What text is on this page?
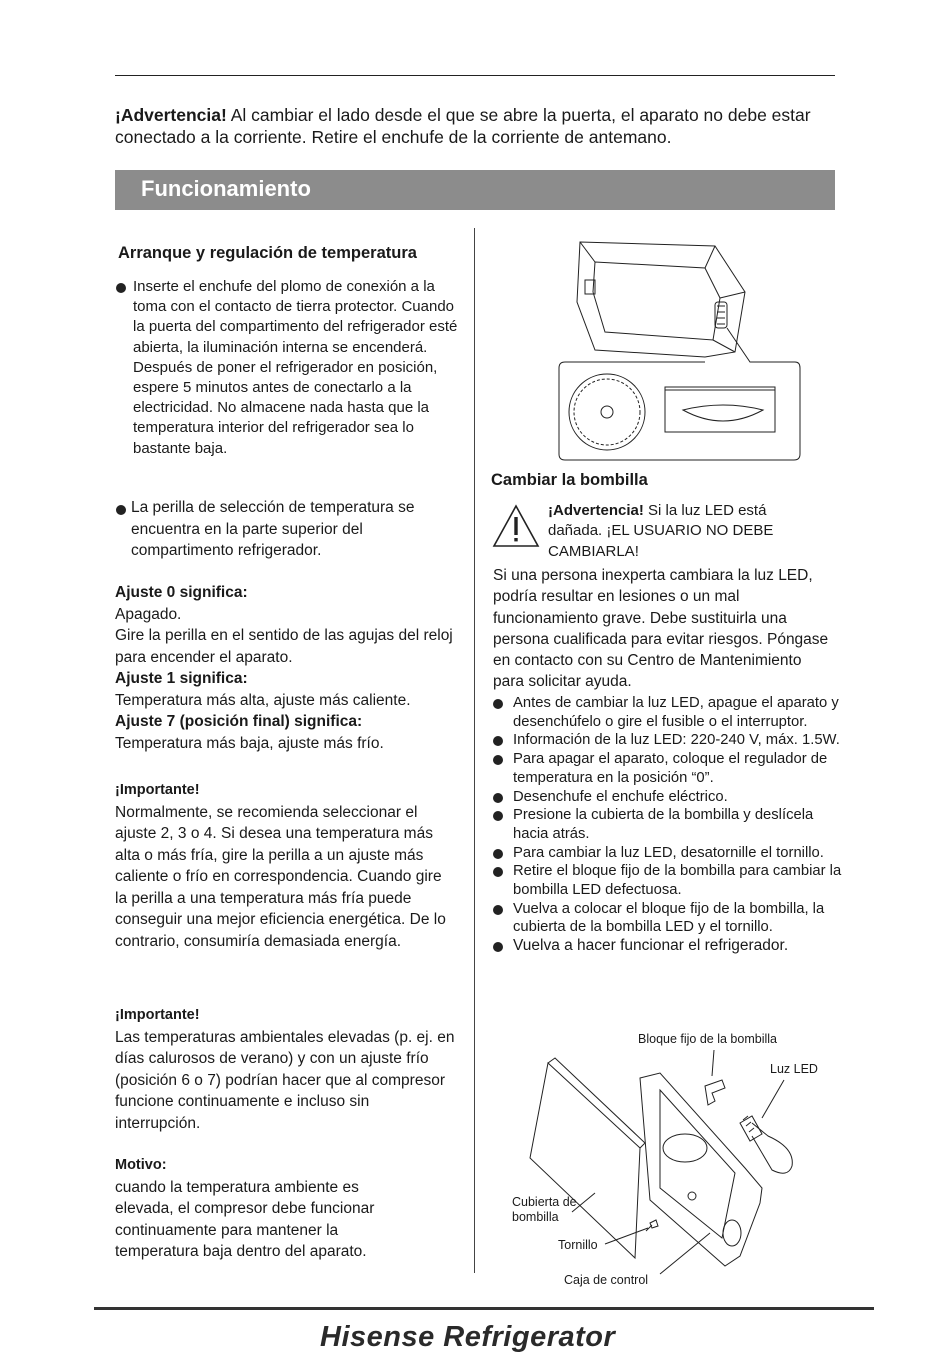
¡Advertencia! Al cambiar el lado desde el que se abre la puerta, el aparato no debe estar conectado a la corriente. Retire el enchufe de la corriente de antemano.
Funcionamiento
Arranque y regulación de temperatura
Inserte el enchufe del plomo de conexión a la toma con el contacto de tierra protector. Cuando la puerta del compartimento del refrigerador esté abierta, la iluminación interna se encenderá. Después de poner el refrigerador en posición, espere 5 minutos antes de conectarlo a la electricidad. No almacene nada hasta que la temperatura interior del refrigerador sea lo bastante baja.
La perilla de selección de temperatura se encuentra en la parte superior del compartimento refrigerador.
Ajuste 0 significa:
Apagado.
Gire la perilla en el sentido de las agujas del reloj para encender el aparato.
Ajuste 1 significa:
Temperatura más alta, ajuste más caliente.
Ajuste 7 (posición final) significa:
Temperatura más baja, ajuste más frío.
¡Importante!
Normalmente, se recomienda seleccionar el ajuste 2, 3 o 4. Si desea una temperatura más alta o más fría, gire la perilla a un ajuste más caliente o frío en correspondencia. Cuando gire la perilla a una temperatura más fría puede conseguir una mejor eficiencia energética. De lo contrario, consumiría demasiada energía.
¡Importante!
Las temperaturas ambientales elevadas (p. ej. en días calurosos de verano) y con un ajuste frío (posición 6 o 7) podrían hacer que al compresor funcione continuamente e incluso sin interrupción.
Motivo:
cuando la temperatura ambiente es elevada, el compresor debe funcionar continuamente para mantener la temperatura baja dentro del aparato.
Cambiar la bombilla
¡Advertencia! Si la luz LED está dañada. ¡EL USUARIO NO DEBE CAMBIARLA!
Si una persona inexperta cambiara la luz LED, podría resultar en lesiones o un mal funcionamiento grave. Debe sustituirla una persona cualificada para evitar riesgos. Póngase en contacto con su Centro de Mantenimiento para solicitar ayuda.
Antes de cambiar la luz LED, apague el aparato y desenchúfelo o gire el fusible o el interruptor.
Información de la luz LED: 220-240 V, máx. 1.5W.
Para apagar el aparato, coloque el regulador de temperatura en la posición “0”.
Desenchufe el enchufe eléctrico.
Presione la cubierta de la bombilla y deslícela hacia atrás.
Para cambiar la luz LED, desatornille el tornillo.
Retire el bloque fijo de la bombilla para cambiar la bombilla LED defectuosa.
Vuelva a colocar el bloque fijo de la bombilla, la cubierta de la bombilla LED y el tornillo.
Vuelva a hacer funcionar el refrigerador.
Bloque fijo de la bombilla
Luz LED
Cubierta de bombilla
Tornillo
Caja de control
Hisense Refrigerator
